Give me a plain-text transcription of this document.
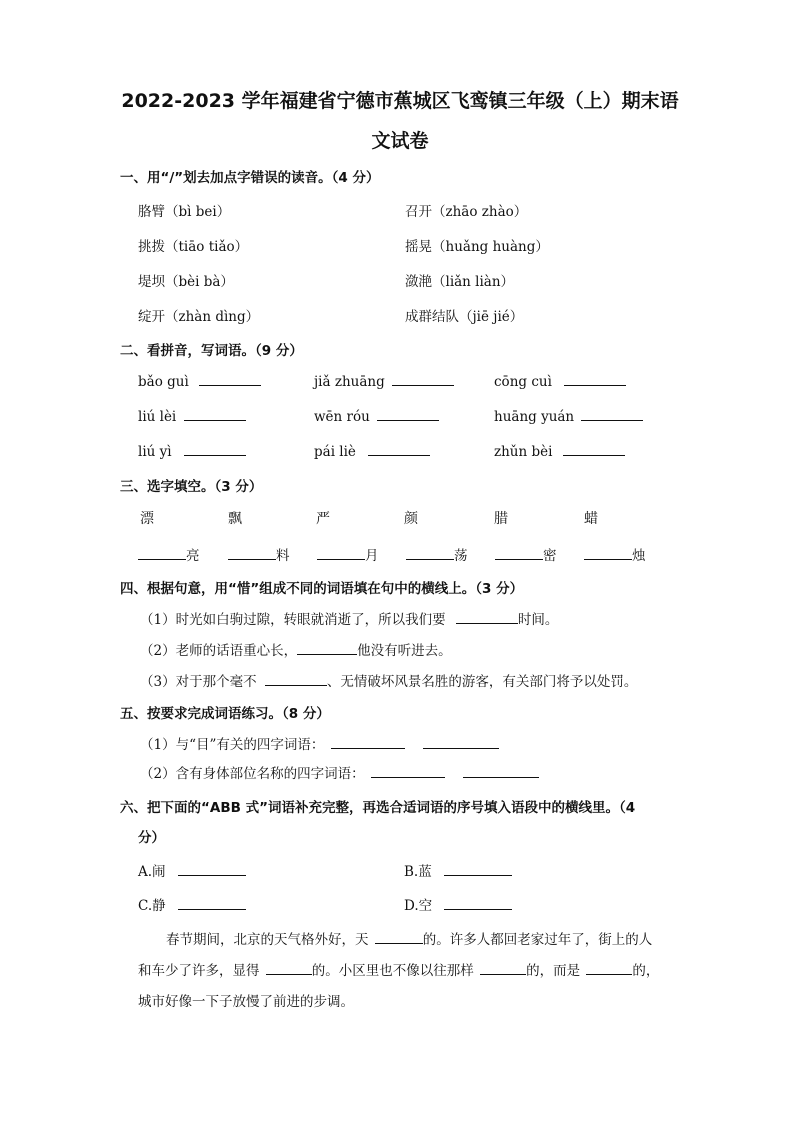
2022-2023 学年福建省宁德市蕉城区飞鸾镇三年级（上）期末语
文试卷
一、用“/”划去加点字错误的读音。（4 分）
胳臂（bì bei）	召开（zhāo zhào）
挑拨（tiāo tiǎo）	摇晃（huǎng huàng）
堤坝（bèi bà）	潋滟（liǎn liàn）
绽开（zhàn dìng）	成群结队（jiē jié）
二、看拼音，写词语。（9 分）
bǎo guì	jiǎ zhuāng	cōng cuì
liú lèi	wēn róu	huāng yuán
liú yì	pái liè	zhǔn bèi
三、选字填空。（3 分）
漂	飘	严	颜	腊	蜡
亮	料	月	荡	密	烛
四、根据句意，用“惜”组成不同的词语填在句中的横线上。（3 分）
（1）时光如白驹过隙，转眼就消逝了，所以我们要	时间。
（2）老师的话语重心长，	他没有听进去。
（3）对于那个毫不	、无情破坏风景名胜的游客，有关部门将予以处罚。
五、按要求完成词语练习。（8 分）
（1）与“目”有关的四字词语：
（2）含有身体部位名称的四字词语：
六、把下面的“ABB 式”词语补充完整，再选合适词语的序号填入语段中的横线里。（4
分）
A.闹	B.蓝
C.静	D.空
春节期间，北京的天气格外好，天	的。许多人都回老家过年了，街上的人
和车少了许多，显得	的。小区里也不像以往那样	的，而是	的，
城市好像一下子放慢了前进的步调。
